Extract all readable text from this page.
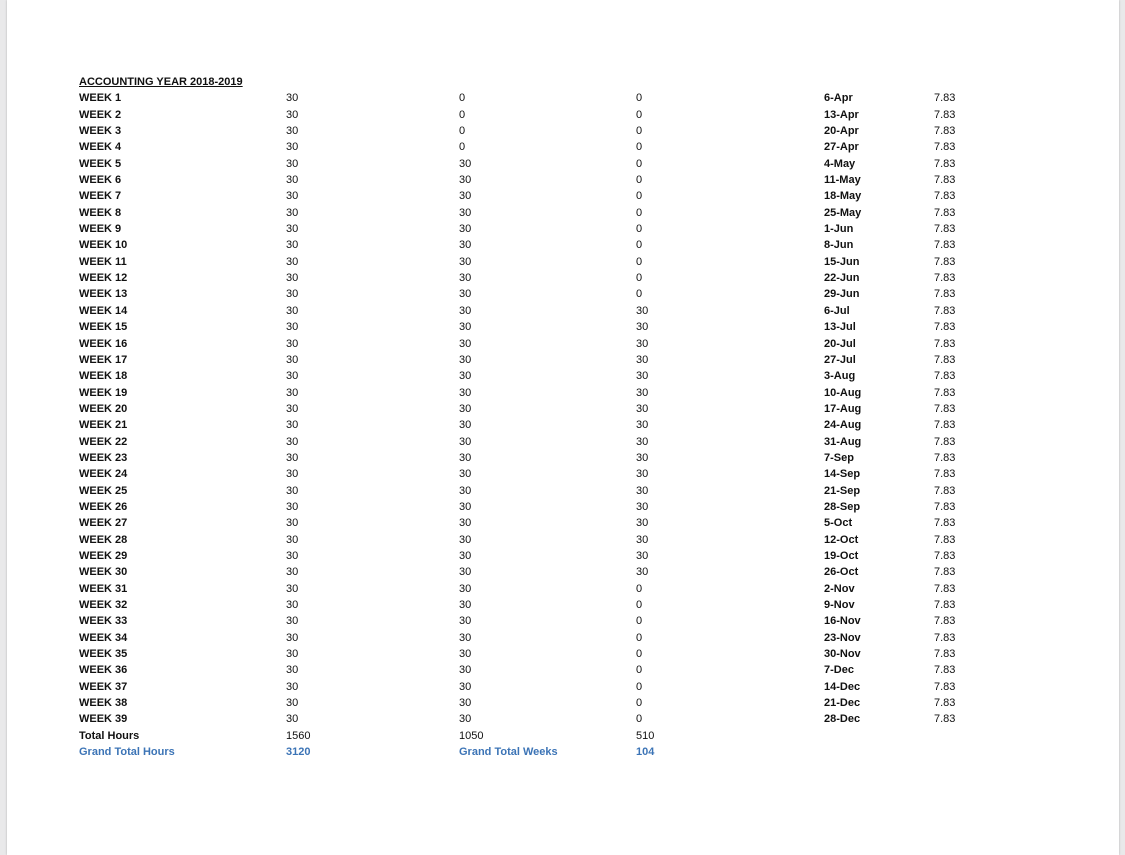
ACCOUNTING YEAR 2018-2019
WEEK 1	30	0	0	6-Apr	7.83
WEEK 2	30	0	0	13-Apr	7.83
WEEK 3	30	0	0	20-Apr	7.83
WEEK 4	30	0	0	27-Apr	7.83
WEEK 5	30	30	0	4-May	7.83
WEEK 6	30	30	0	11-May	7.83
WEEK 7	30	30	0	18-May	7.83
WEEK 8	30	30	0	25-May	7.83
WEEK 9	30	30	0	1-Jun	7.83
WEEK 10	30	30	0	8-Jun	7.83
WEEK 11	30	30	0	15-Jun	7.83
WEEK 12	30	30	0	22-Jun	7.83
WEEK 13	30	30	0	29-Jun	7.83
WEEK 14	30	30	30	6-Jul	7.83
WEEK 15	30	30	30	13-Jul	7.83
WEEK 16	30	30	30	20-Jul	7.83
WEEK 17	30	30	30	27-Jul	7.83
WEEK 18	30	30	30	3-Aug	7.83
WEEK 19	30	30	30	10-Aug	7.83
WEEK 20	30	30	30	17-Aug	7.83
WEEK 21	30	30	30	24-Aug	7.83
WEEK 22	30	30	30	31-Aug	7.83
WEEK 23	30	30	30	7-Sep	7.83
WEEK 24	30	30	30	14-Sep	7.83
WEEK 25	30	30	30	21-Sep	7.83
WEEK 26	30	30	30	28-Sep	7.83
WEEK 27	30	30	30	5-Oct	7.83
WEEK 28	30	30	30	12-Oct	7.83
WEEK 29	30	30	30	19-Oct	7.83
WEEK 30	30	30	30	26-Oct	7.83
WEEK 31	30	30	0	2-Nov	7.83
WEEK 32	30	30	0	9-Nov	7.83
WEEK 33	30	30	0	16-Nov	7.83
WEEK 34	30	30	0	23-Nov	7.83
WEEK 35	30	30	0	30-Nov	7.83
WEEK 36	30	30	0	7-Dec	7.83
WEEK 37	30	30	0	14-Dec	7.83
WEEK 38	30	30	0	21-Dec	7.83
WEEK 39	30	30	0	28-Dec	7.83
Total Hours	1560	1050	510
Grand Total Hours	3120	Grand Total Weeks	104
